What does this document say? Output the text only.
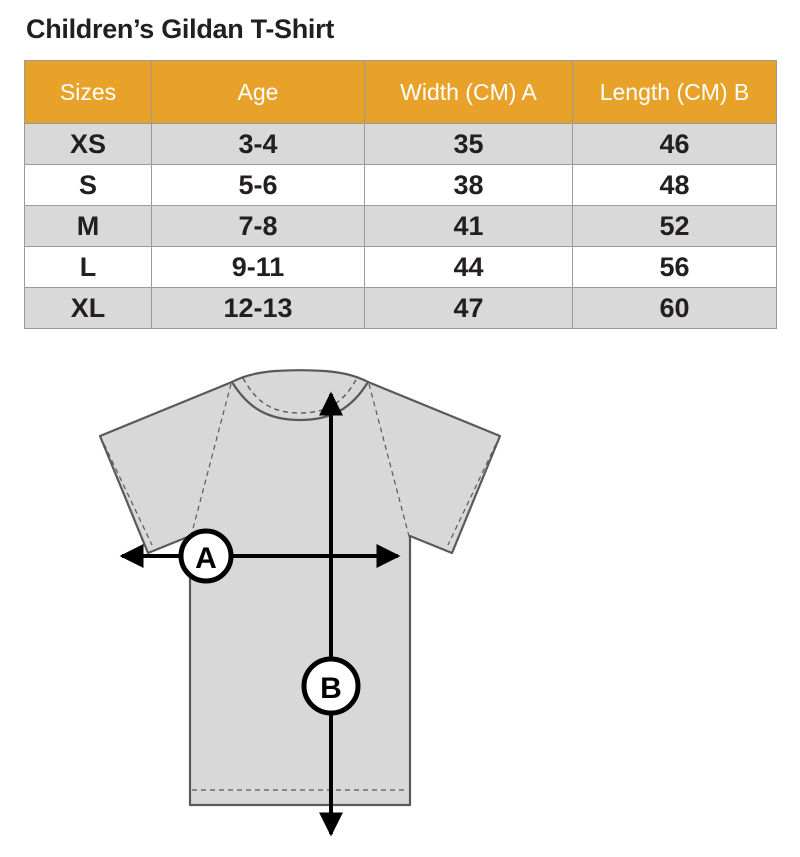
Children’s Gildan T-Shirt
Sizes	Age	Width (CM) A	Length (CM) B
XS	3-4	35	46
S	5-6	38	48
M	7-8	41	52
L	9-11	44	56
XL	12-13	47	60
A
B
